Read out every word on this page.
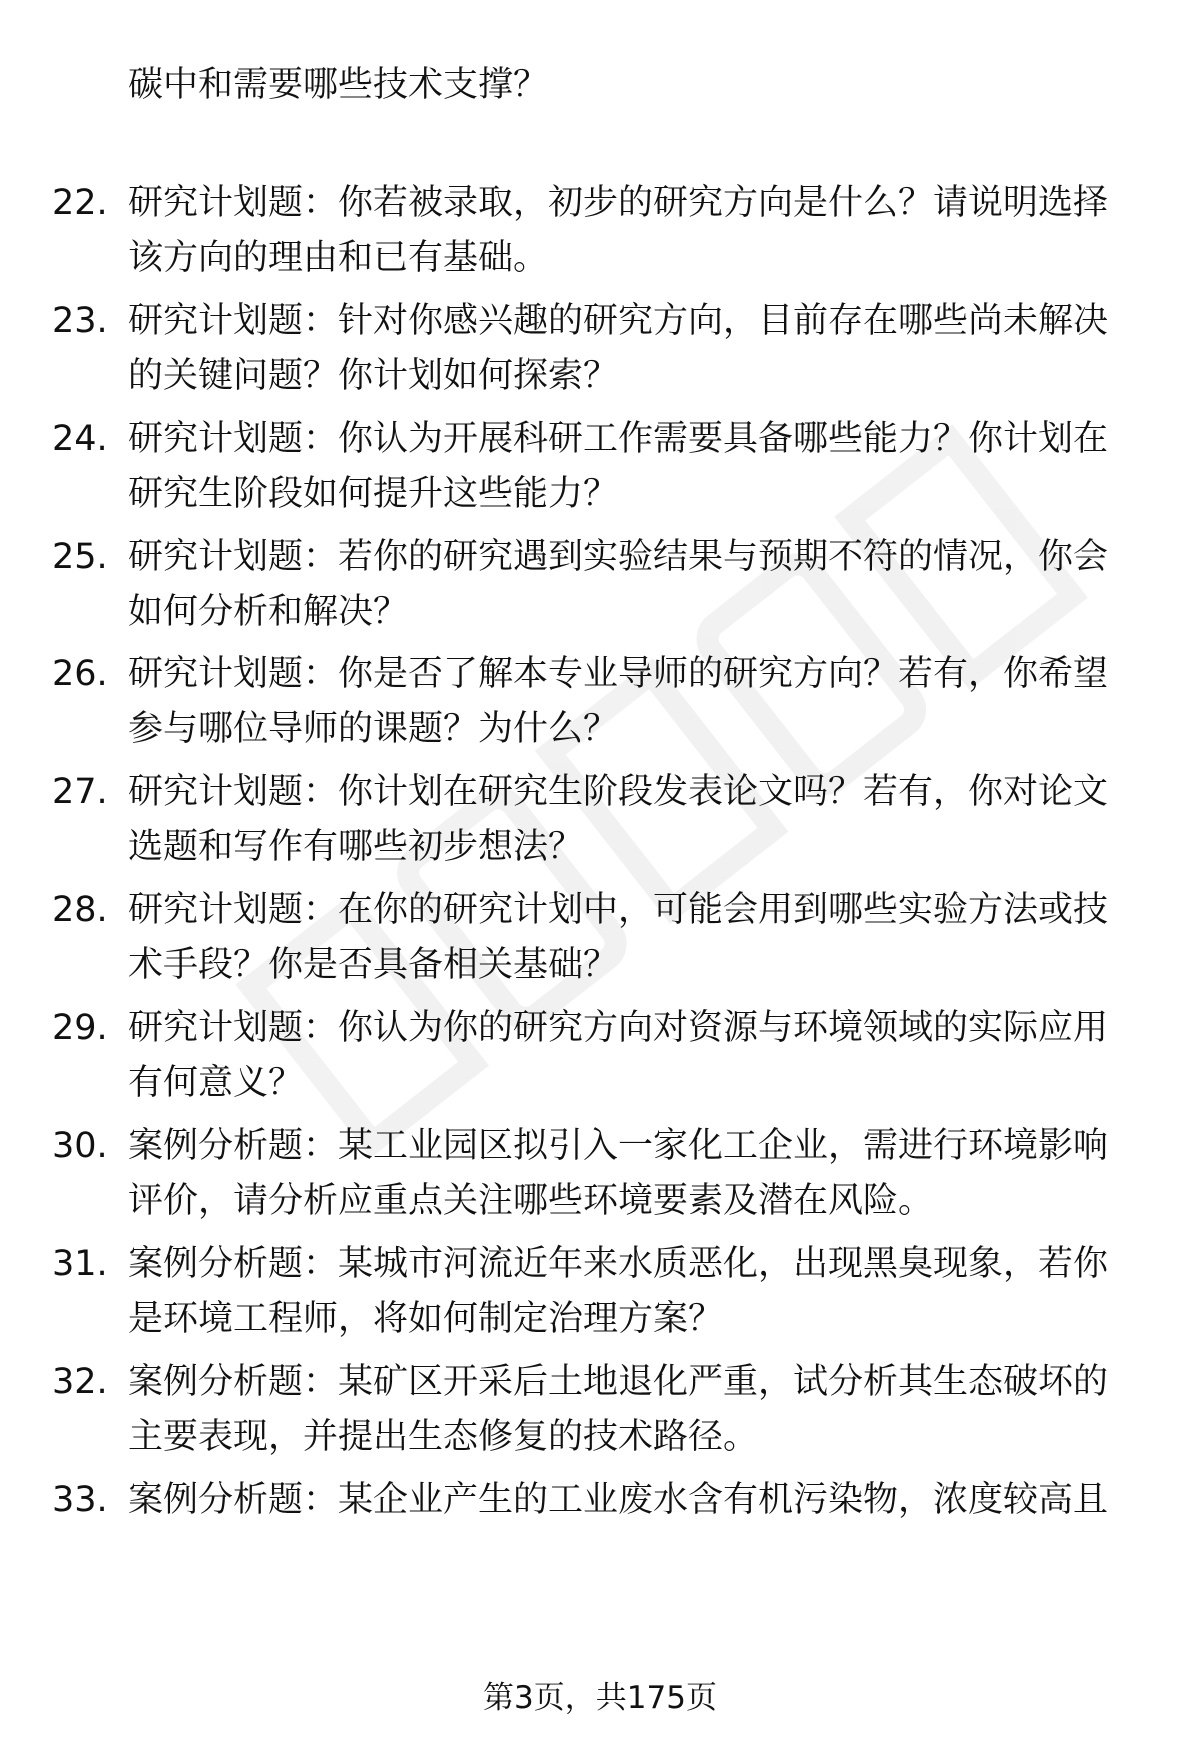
碳中和需要哪些技术支撑？
22. 研究计划题：你若被录取，初步的研究方向是什么？请说明选择
该方向的理由和已有基础。
23. 研究计划题：针对你感兴趣的研究方向，目前存在哪些尚未解决
的关键问题？你计划如何探索？
24. 研究计划题：你认为开展科研工作需要具备哪些能力？你计划在
研究生阶段如何提升这些能力？
25. 研究计划题：若你的研究遇到实验结果与预期不符的情况，你会
如何分析和解决？
26. 研究计划题：你是否了解本专业导师的研究方向？若有，你希望
参与哪位导师的课题？为什么？
27. 研究计划题：你计划在研究生阶段发表论文吗？若有，你对论文
选题和写作有哪些初步想法？
28. 研究计划题：在你的研究计划中，可能会用到哪些实验方法或技
术手段？你是否具备相关基础？
29. 研究计划题：你认为你的研究方向对资源与环境领域的实际应用
有何意义？
30. 案例分析题：某工业园区拟引入一家化工企业，需进行环境影响
评价，请分析应重点关注哪些环境要素及潜在风险。
31. 案例分析题：某城市河流近年来水质恶化，出现黑臭现象，若你
是环境工程师，将如何制定治理方案？
32. 案例分析题：某矿区开采后土地退化严重，试分析其生态破坏的
主要表现，并提出生态修复的技术路径。
33. 案例分析题：某企业产生的工业废水含有机污染物，浓度较高且
第3页，共175页
